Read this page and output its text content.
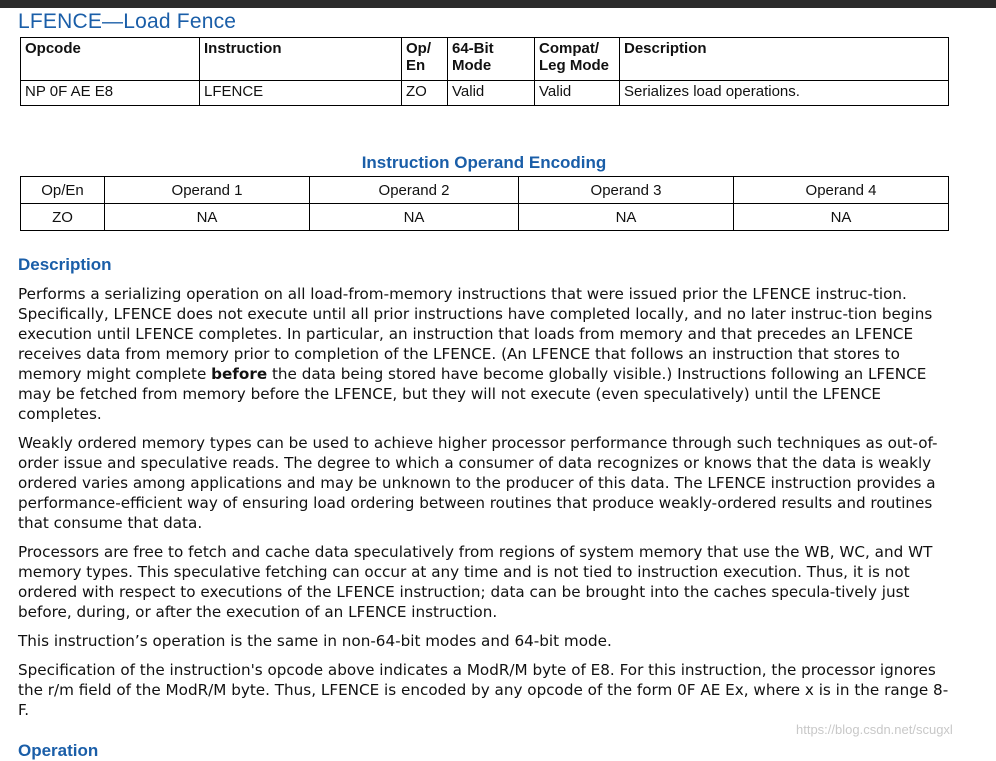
LFENCE—Load Fence
Opcode	Instruction	Op/ En	64-Bit Mode	Compat/ Leg Mode	Description
NP 0F AE E8	LFENCE	ZO	Valid	Valid	Serializes load operations.
Instruction Operand Encoding
Op/En	Operand 1	Operand 2	Operand 3	Operand 4
ZO	NA	NA	NA	NA
Description

Performs a serializing operation on all load-from-memory instructions that were issued prior the LFENCE instruc-tion. Specifically, LFENCE does not execute until all prior instructions have completed locally, and no later instruc-tion begins execution until LFENCE completes. In particular, an instruction that loads from memory and that precedes an LFENCE receives data from memory prior to completion of the LFENCE. (An LFENCE that follows an instruction that stores to memory might complete before the data being stored have become globally visible.) Instructions following an LFENCE may be fetched from memory before the LFENCE, but they will not execute (even speculatively) until the LFENCE completes.

Weakly ordered memory types can be used to achieve higher processor performance through such techniques as out-of-order issue and speculative reads. The degree to which a consumer of data recognizes or knows that the data is weakly ordered varies among applications and may be unknown to the producer of this data. The LFENCE instruction provides a performance-efficient way of ensuring load ordering between routines that produce weakly-ordered results and routines that consume that data.

Processors are free to fetch and cache data speculatively from regions of system memory that use the WB, WC, and WT memory types. This speculative fetching can occur at any time and is not tied to instruction execution. Thus, it is not ordered with respect to executions of the LFENCE instruction; data can be brought into the caches specula-tively just before, during, or after the execution of an LFENCE instruction.

This instruction’s operation is the same in non-64-bit modes and 64-bit mode.

Specification of the instruction's opcode above indicates a ModR/M byte of E8. For this instruction, the processor ignores the r/m field of the ModR/M byte. Thus, LFENCE is encoded by any opcode of the form 0F AE Ex, where x is in the range 8-F.

Operation
https://blog.csdn.net/scugxl
